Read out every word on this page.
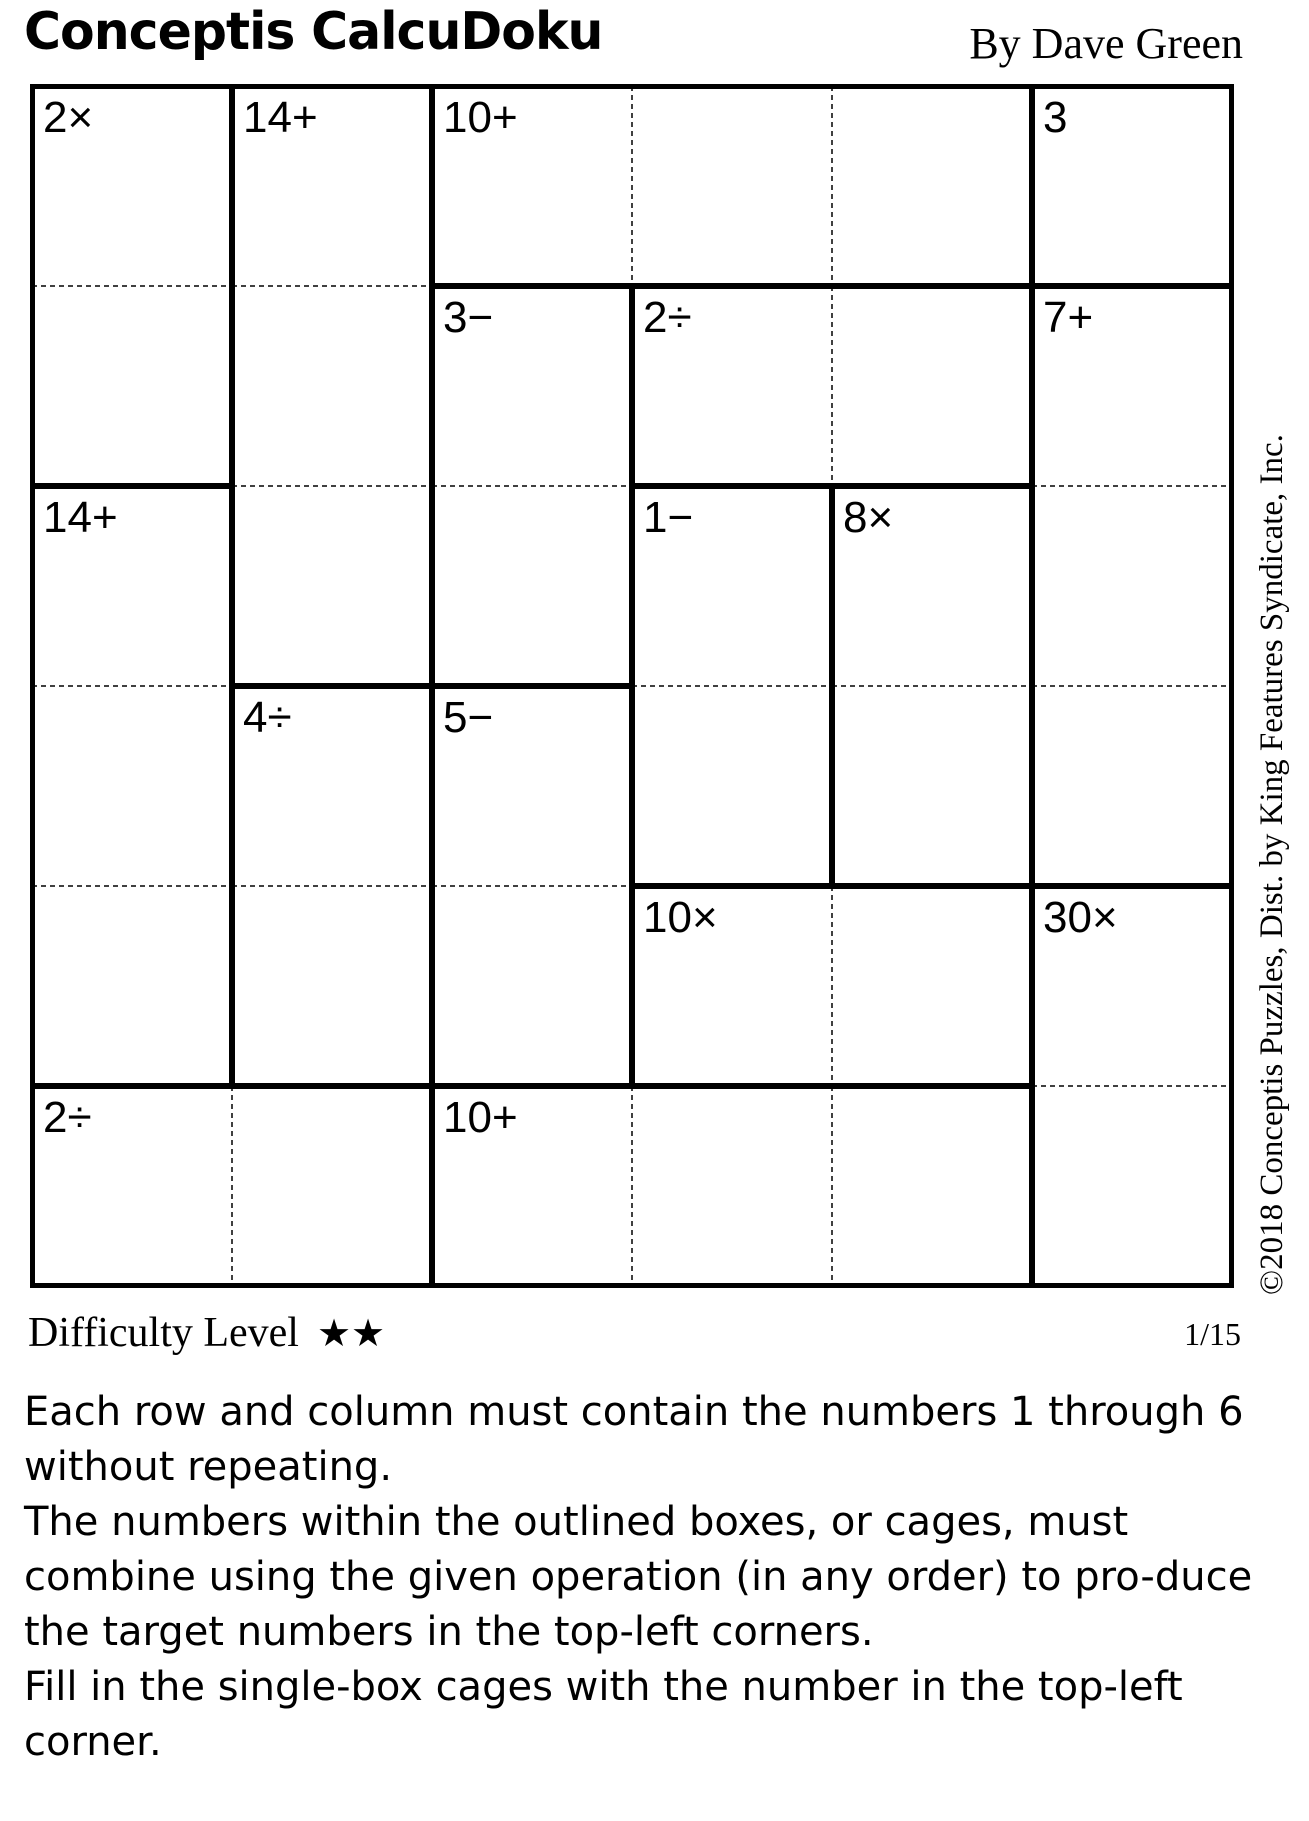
Conceptis CalcuDoku	By Dave Green
2×	14+	10+	3
3−	2÷	7+
14+	1−	8×
4÷	5−
10×	30×
2÷	10+	©2018 Conceptis Puzzles, Dist. by King Features Syndicate, Inc.
Difficulty Level ★★	1/15

Each row and column must contain the numbers 1 through 6 without repeating.

The numbers within the outlined boxes, or cages, must combine using the given operation (in any order) to pro-duce the target numbers in the top-left corners.

Fill in the single-box cages with the number in the top-left corner.
